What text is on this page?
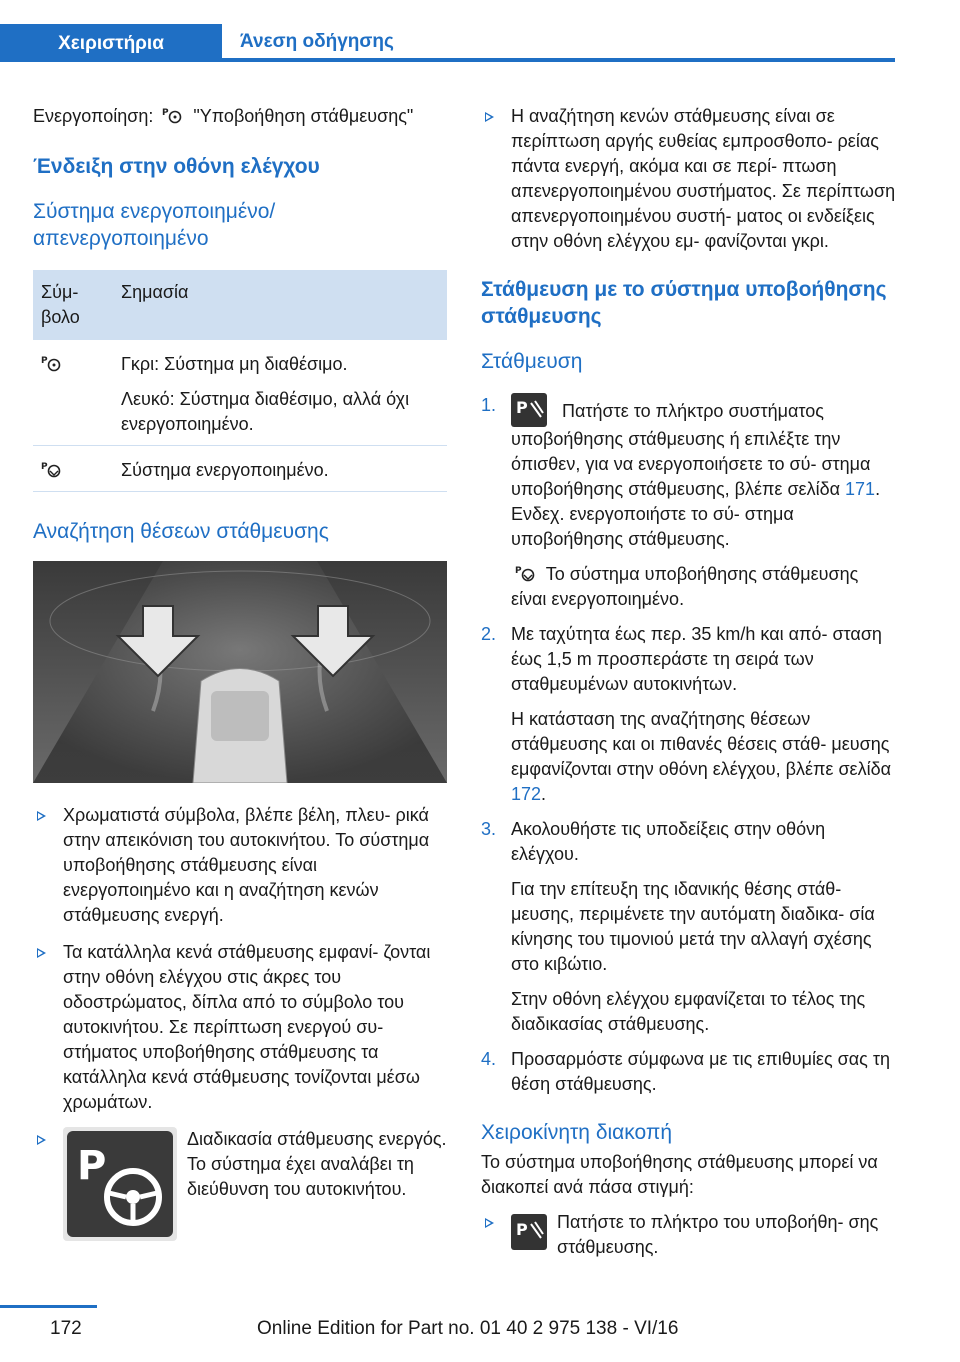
Χειριστήρια	Άνεση οδήγησης

Ενεργοποίηση: P "Υποβοήθηση στάθμευσης"

Ένδειξη στην οθόνη ελέγχου
Σύστημα ενεργοποιημένο/ απενεργοποιημένο
Σύμ- βολο	Σημασία

P	Γκρι: Σύστημα μη διαθέσιμο.

Λευκό: Σύστημα διαθέσιμο, αλλά όχι ενεργοποιημένο.

P	Σύστημα ενεργοποιημένο.
Αναζήτηση θέσεων στάθμευσης
Χρωματιστά σύμβολα, βλέπε βέλη, πλευ- ρικά στην απεικόνιση του αυτοκινήτου. Το σύστημα υποβοήθησης στάθμευσης είναι ενεργοποιημένο και η αναζήτηση κενών στάθμευσης ενεργή.
Τα κατάλληλα κενά στάθμευσης εμφανί- ζονται στην οθόνη ελέγχου στις άκρες του οδοστρώματος, δίπλα από το σύμβολο του αυτοκινήτου. Σε περίπτωση ενεργού συ- στήματος υποβοήθησης στάθμευσης τα κατάλληλα κενά στάθμευσης τονίζονται μέσω χρωμάτων.
P
Διαδικασία στάθμευσης ενεργός. Το σύστημα έχει αναλάβει τη διεύθυνση του αυτοκινήτου.
Η αναζήτηση κενών στάθμευσης είναι σε περίπτωση αργής ευθείας εμπροσθοπο- ρείας πάντα ενεργή, ακόμα και σε περί- πτωση απενεργοποιημένου συστήματος. Σε περίπτωση απενεργοποιημένου συστή- ματος οι ενδείξεις στην οθόνη ελέγχου εμ- φανίζονται γκρι.
Στάθμευση με το σύστημα υποβοήθησης στάθμευσης
Στάθμευση
1. P Πατήστε το πλήκτρο συστήματος υποβοήθησης στάθμευσης ή επιλέξτε την όπισθεν, για να ενεργοποιήσετε το σύ- στημα υποβοήθησης στάθμευσης, βλέπε σελίδα 171. Ενδεχ. ενεργοποιήστε το σύ- στημα υποβοήθησης στάθμευσης.

P Το σύστημα υποβοήθησης στάθμευσης είναι ενεργοποιημένο.

2. Με ταχύτητα έως περ. 35 km/h και από- σταση έως 1,5 m προσπεράστε τη σειρά των σταθμευμένων αυτοκινήτων.

Η κατάσταση της αναζήτησης θέσεων στάθμευσης και οι πιθανές θέσεις στάθ- μευσης εμφανίζονται στην οθόνη ελέγχου, βλέπε σελίδα 172.

3. Ακολουθήστε τις υποδείξεις στην οθόνη ελέγχου.

Για την επίτευξη της ιδανικής θέσης στάθ- μευσης, περιμένετε την αυτόματη διαδικα- σία κίνησης του τιμονιού μετά την αλλαγή σχέσης στο κιβώτιο.

Στην οθόνη ελέγχου εμφανίζεται το τέλος της διαδικασίας στάθμευσης.

4. Προσαρμόστε σύμφωνα με τις επιθυμίες σας τη θέση στάθμευσης.
Χειροκίνητη διακοπή

Το σύστημα υποβοήθησης στάθμευσης μπορεί να διακοπεί ανά πάσα στιγμή:

P Πατήστε το πλήκτρο του υποβοήθη- σης στάθμευσης.
172	Online Edition for Part no. 01 40 2 975 138 - VI/16
